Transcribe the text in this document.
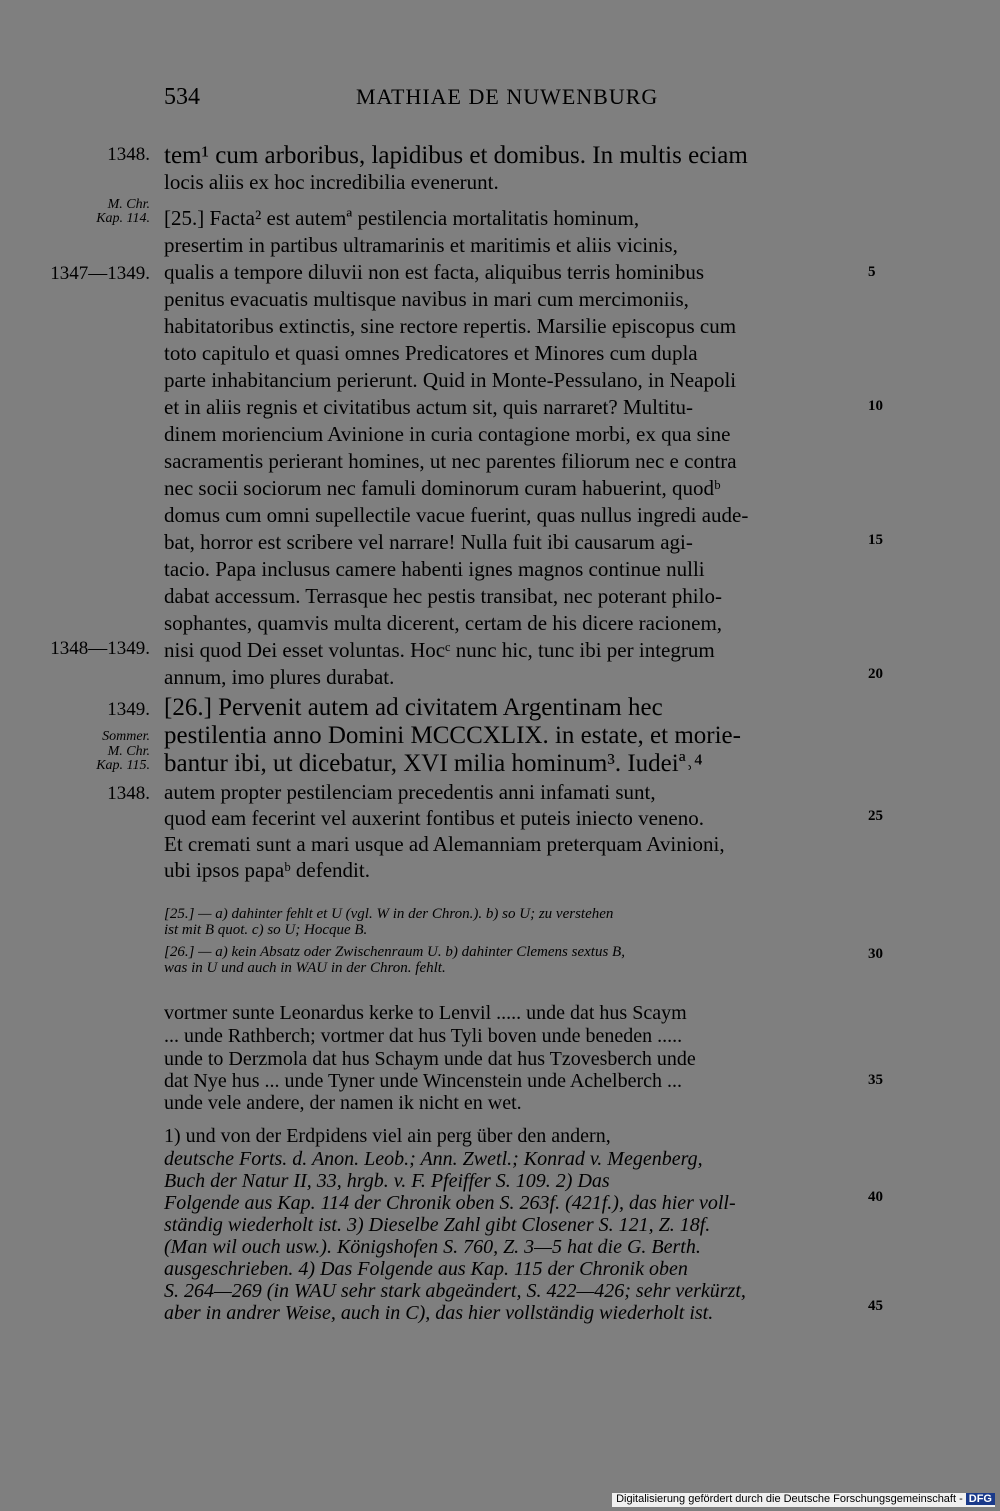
534	MATHIAE DE NUWENBURG
1348.
M. Chr.
Kap. 114.
1347—1349.
1348—1349.
1349.
Sommer.
M. Chr.
Kap. 115.
1348.
5
10
15
20
25
30
35
40
45
tem¹ cum arboribus, lapidibus et domibus. In multis eciam
locis aliis ex hoc incredibilia evenerunt.
[25.] Facta² est autemª pestilencia mortalitatis hominum,
presertim in partibus ultramarinis et maritimis et aliis vicinis,
qualis a tempore diluvii non est facta, aliquibus terris hominibus
penitus evacuatis multisque navibus in mari cum mercimoniis,
habitatoribus extinctis, sine rectore repertis. Marsilie episcopus cum
toto capitulo et quasi omnes Predicatores et Minores cum dupla
parte inhabitancium perierunt. Quid in Monte-Pessulano, in Neapoli
et in aliis regnis et civitatibus actum sit, quis narraret? Multitu-
dinem moriencium Avinione in curia contagione morbi, ex qua sine
sacramentis perierant homines, ut nec parentes filiorum nec e contra
nec socii sociorum nec famuli dominorum curam habuerint, quodᵇ
domus cum omni supellectile vacue fuerint, quas nullus ingredi aude-
bat, horror est scribere vel narrare! Nulla fuit ibi causarum agi-
tacio. Papa inclusus camere habenti ignes magnos continue nulli
dabat accessum. Terrasque hec pestis transibat, nec poterant philo-
sophantes, quamvis multa dicerent, certam de his dicere racionem,
nisi quod Dei esset voluntas. Hocᶜ nunc hic, tunc ibi per integrum
annum, imo plures durabat.
[26.] Pervenit autem ad civitatem Argentinam hec
pestilentia anno Domini MCCCXLIX. in estate, et morie-
bantur ibi, ut dicebatur, XVI milia hominum³. Iudeiª˒⁴
autem propter pestilenciam precedentis anni infamati sunt,
quod eam fecerint vel auxerint fontibus et puteis iniecto veneno.
Et cremati sunt a mari usque ad Alemanniam preterquam Avinioni,
ubi ipsos papaᵇ defendit.
[25.] — a) dahinter fehlt et U (vgl. W in der Chron.). b) so U; zu verstehen
ist mit B quot. c) so U; Hocque B.
[26.] — a) kein Absatz oder Zwischenraum U. b) dahinter Clemens sextus B,
was in U und auch in WAU in der Chron. fehlt.
vortmer sunte Leonardus kerke to Lenvil ..... unde dat hus Scaym
... unde Rathberch; vortmer dat hus Tyli boven unde beneden .....
unde to Derzmola dat hus Schaym unde dat hus Tzovesberch unde
dat Nye hus ... unde Tyner unde Wincenstein unde Achelberch ...
unde vele andere, der namen ik nicht en wet.
1) und von der Erdpidens viel ain perg über den andern,
deutsche Forts. d. Anon. Leob.; Ann. Zwetl.; Konrad v. Megenberg,
Buch der Natur II, 33, hrgb. v. F. Pfeiffer S. 109. 2) Das
Folgende aus Kap. 114 der Chronik oben S. 263f. (421f.), das hier voll-
ständig wiederholt ist. 3) Dieselbe Zahl gibt Closener S. 121, Z. 18f.
(Man wil ouch usw.). Königshofen S. 760, Z. 3—5 hat die G. Berth.
ausgeschrieben. 4) Das Folgende aus Kap. 115 der Chronik oben
S. 264—269 (in WAU sehr stark abgeändert, S. 422—426; sehr verkürzt,
aber in andrer Weise, auch in C), das hier vollständig wiederholt ist.
Digitalisierung gefördert durch die Deutsche Forschungsgemeinschaft - DFG
